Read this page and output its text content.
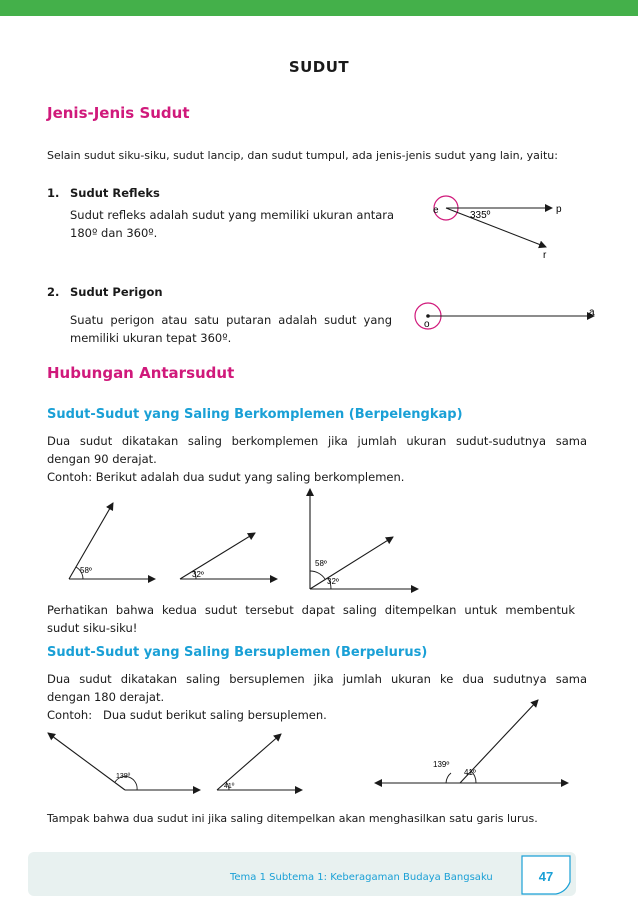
SUDUT
Jenis-Jenis Sudut
Selain sudut siku-siku, sudut lancip, dan sudut tumpul, ada jenis-jenis sudut yang lain, yaitu:
1. Sudut Refleks
Sudut refleks adalah sudut yang memiliki ukuran antara
180º dan 360º.
2. Sudut Perigon
Suatu perigon atau satu putaran adalah sudut yang
memiliki ukuran tepat 360º.
Hubungan Antarsudut
Sudut-Sudut yang Saling Berkomplemen (Berpelengkap)
Dua sudut dikatakan saling berkomplemen jika jumlah ukuran sudut-sudutnya sama
dengan 90 derajat.
Contoh: Berikut adalah dua sudut yang saling berkomplemen.
Perhatikan bahwa kedua sudut tersebut dapat saling ditempelkan untuk membentuk
sudut siku-siku!
Sudut-Sudut yang Saling Bersuplemen (Berpelurus)
Dua sudut dikatakan saling bersuplemen jika jumlah ukuran ke dua sudutnya sama
dengan 180 derajat.
Contoh:   Dua sudut berikut saling bersuplemen.
Tampak bahwa dua sudut ini jika saling ditempelkan akan menghasilkan satu garis lurus.
Tema 1 Subtema 1: Keberagaman Budaya Bangsaku
e	p
r
335º
o
a
58º	32º
58º
32º
139º
41º
139º
41º
47
